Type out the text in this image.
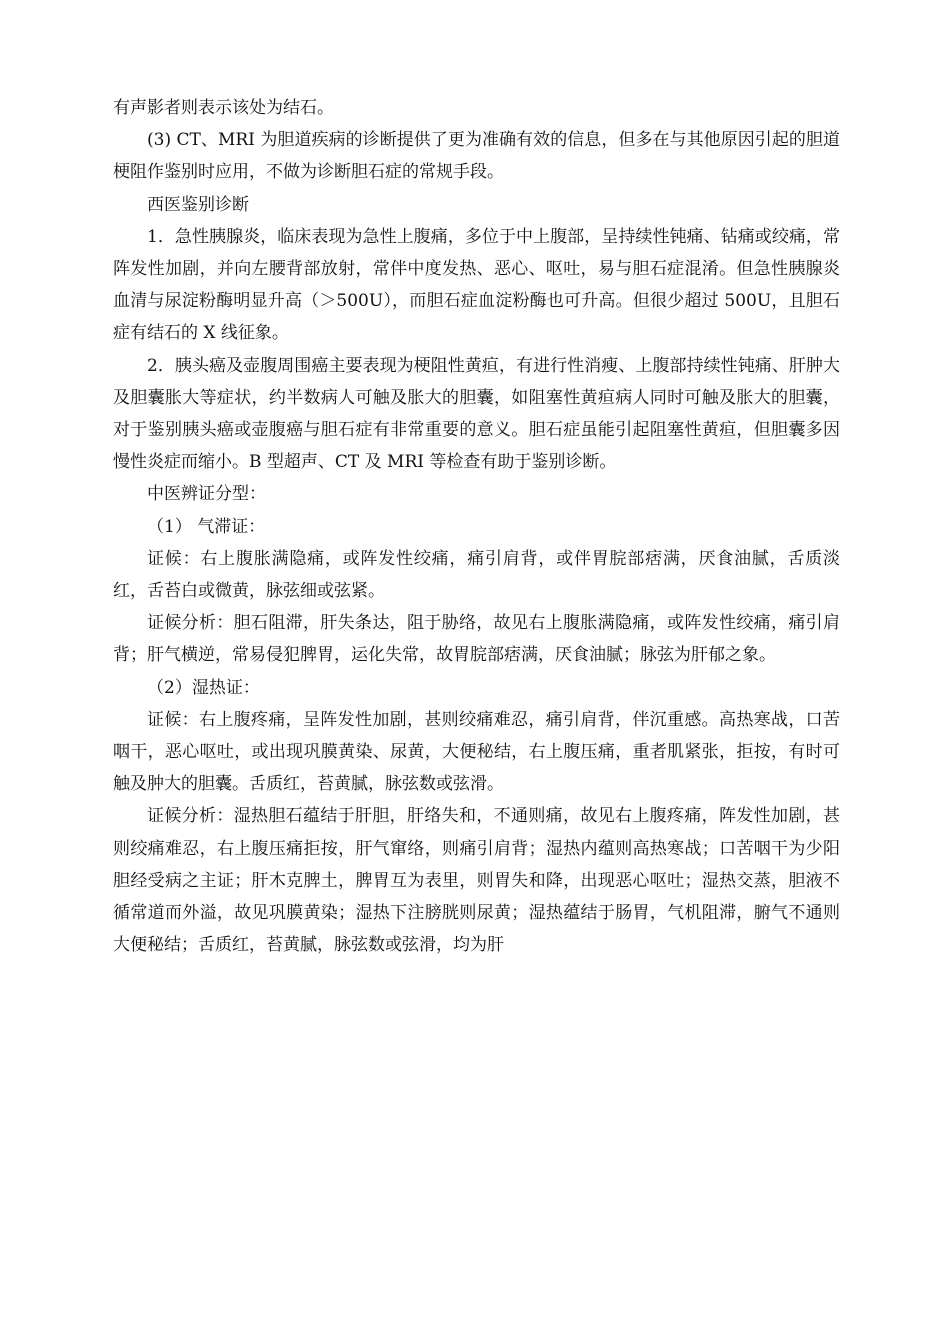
有声影者则表示该处为结石。

(3) CT、MRI 为胆道疾病的诊断提供了更为准确有效的信息，但多在与其他原因引起的胆道梗阻作鉴别时应用，不做为诊断胆石症的常规手段。

西医鉴别诊断

1．急性胰腺炎，临床表现为急性上腹痛，多位于中上腹部，呈持续性钝痛、钻痛或绞痛，常阵发性加剧，并向左腰背部放射，常伴中度发热、恶心、呕吐，易与胆石症混淆。但急性胰腺炎血清与尿淀粉酶明显升高（＞500U），而胆石症血淀粉酶也可升高。但很少超过 500U，且胆石症有结石的 X 线征象。

2．胰头癌及壶腹周围癌主要表现为梗阻性黄疸，有进行性消瘦、上腹部持续性钝痛、肝肿大及胆囊胀大等症状，约半数病人可触及胀大的胆囊，如阻塞性黄疸病人同时可触及胀大的胆囊，对于鉴别胰头癌或壶腹癌与胆石症有非常重要的意义。胆石症虽能引起阻塞性黄疸，但胆囊多因慢性炎症而缩小。B 型超声、CT 及 MRI 等检查有助于鉴别诊断。

中医辨证分型：

（1） 气滞证：

证候：右上腹胀满隐痛，或阵发性绞痛，痛引肩背，或伴胃脘部痞满，厌食油腻，舌质淡红，舌苔白或微黄，脉弦细或弦紧。

证候分析：胆石阻滞，肝失条达，阻于胁络，故见右上腹胀满隐痛，或阵发性绞痛，痛引肩背；肝气横逆，常易侵犯脾胃，运化失常，故胃脘部痞满，厌食油腻；脉弦为肝郁之象。

（2）湿热证：

证候：右上腹疼痛，呈阵发性加剧，甚则绞痛难忍，痛引肩背，伴沉重感。高热寒战，口苦咽干，恶心呕吐，或出现巩膜黄染、尿黄，大便秘结，右上腹压痛，重者肌紧张，拒按，有时可触及肿大的胆囊。舌质红，苔黄腻，脉弦数或弦滑。

证候分析：湿热胆石蕴结于肝胆，肝络失和，不通则痛，故见右上腹疼痛，阵发性加剧，甚则绞痛难忍，右上腹压痛拒按，肝气窜络，则痛引肩背；湿热内蕴则高热寒战；口苦咽干为少阳胆经受病之主证；肝木克脾土，脾胃互为表里，则胃失和降，出现恶心呕吐；湿热交蒸，胆液不循常道而外溢，故见巩膜黄染；湿热下注膀胱则尿黄；湿热蕴结于肠胃，气机阻滞，腑气不通则大便秘结；舌质红，苔黄腻，脉弦数或弦滑，均为肝
